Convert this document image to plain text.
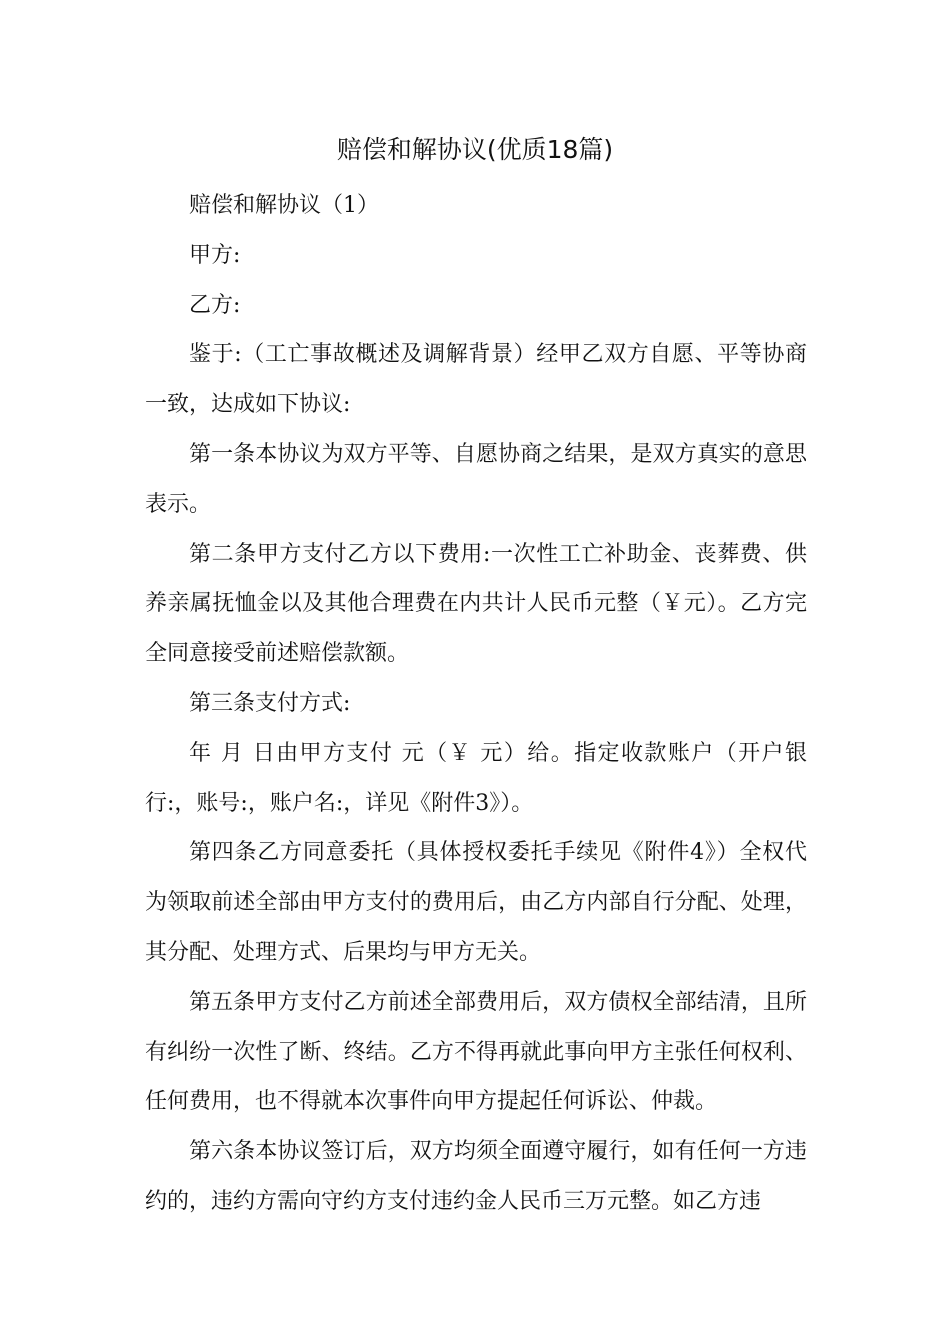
赔偿和解协议(优质18篇)

赔偿和解协议（1）

甲方:

乙方:

鉴于:（工亡事故概述及调解背景）经甲乙双方自愿、平等协商一致，达成如下协议:

第一条本协议为双方平等、自愿协商之结果，是双方真实的意思表示。

第二条甲方支付乙方以下费用:一次性工亡补助金、丧葬费、供养亲属抚恤金以及其他合理费在内共计人民币元整（￥元）。乙方完全同意接受前述赔偿款额。

第三条支付方式:

年 月 日由甲方支付 元（￥ 元）给。指定收款账户（开户银行:，账号:，账户名:，详见《附件3》）。

第四条乙方同意委托（具体授权委托手续见《附件4》）全权代为领取前述全部由甲方支付的费用后，由乙方内部自行分配、处理，其分配、处理方式、后果均与甲方无关。

第五条甲方支付乙方前述全部费用后，双方债权全部结清，且所有纠纷一次性了断、终结。乙方不得再就此事向甲方主张任何权利、任何费用，也不得就本次事件向甲方提起任何诉讼、仲裁。

第六条本协议签订后，双方均须全面遵守履行，如有任何一方违约的，违约方需向守约方支付违约金人民币三万元整。如乙方违
